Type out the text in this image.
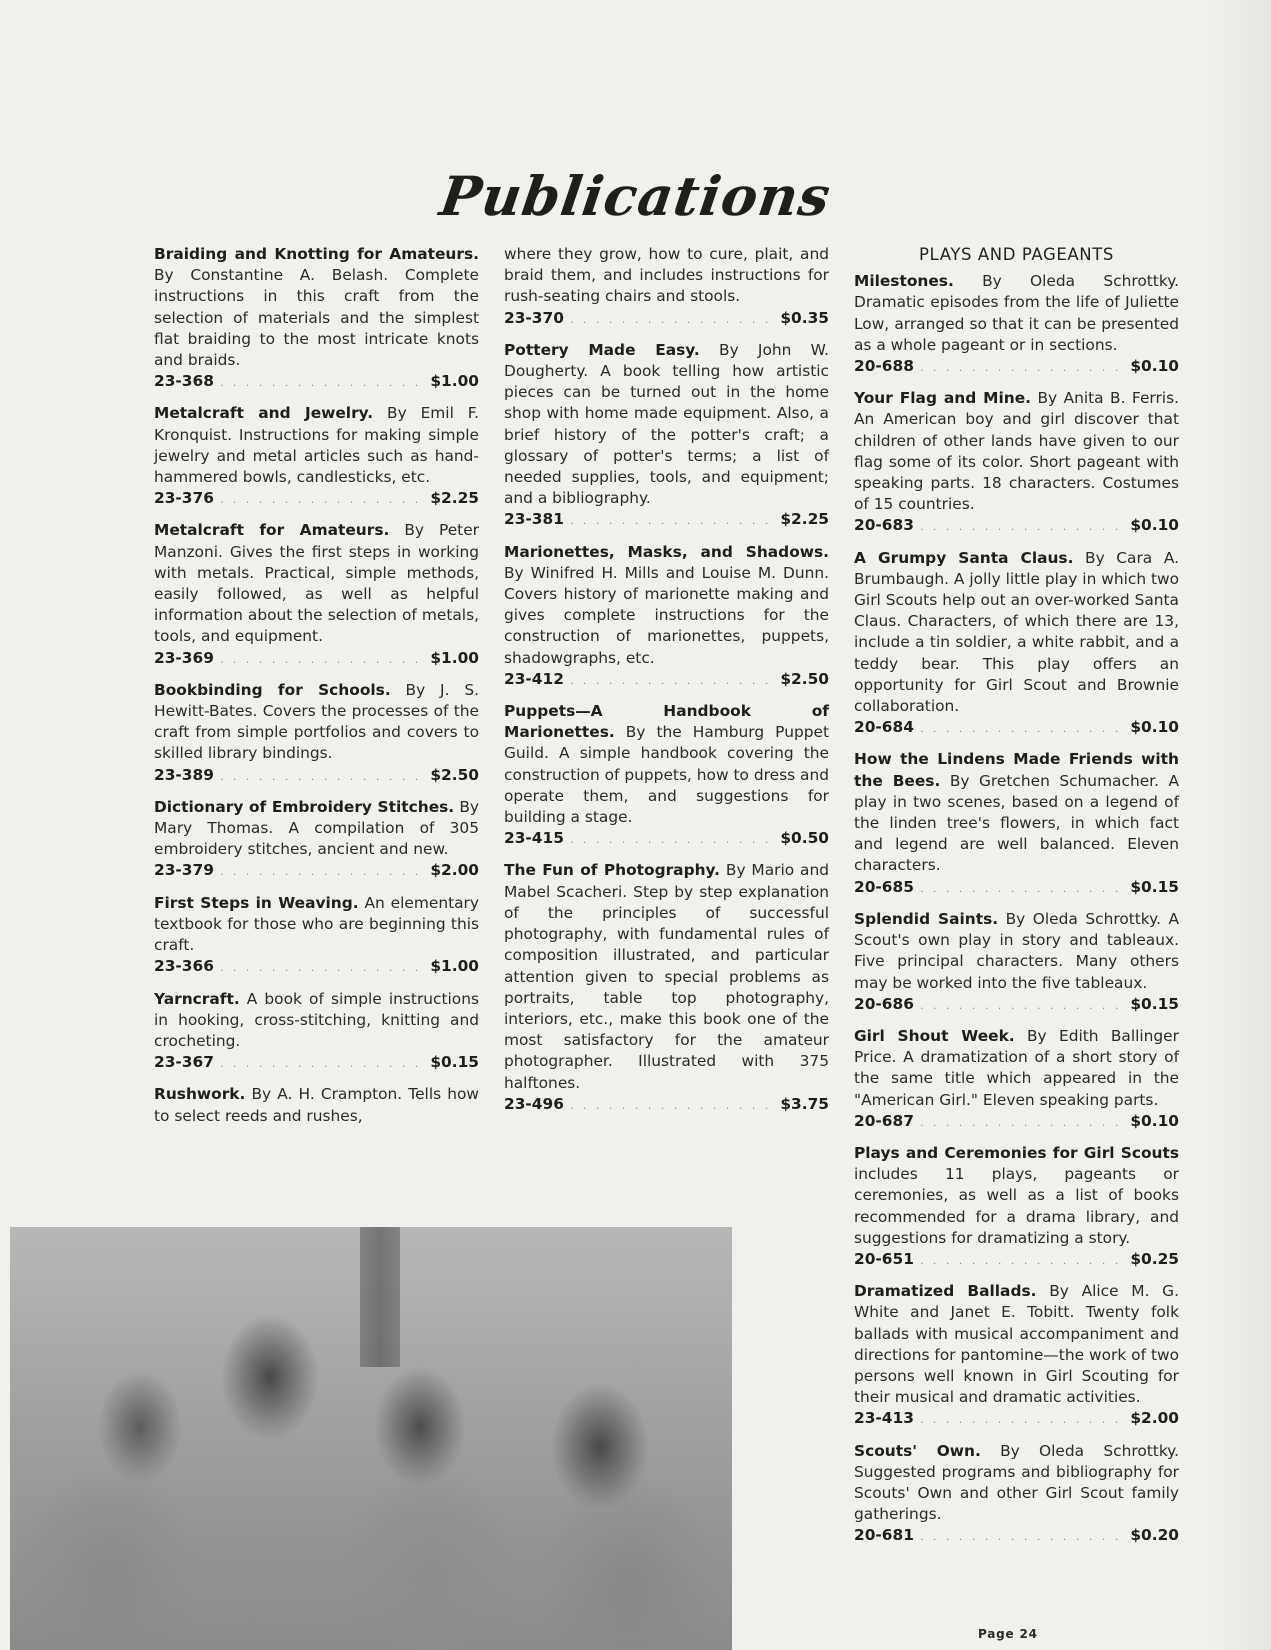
Publications
Braiding and Knotting for Amateurs. By Constantine A. Belash. Complete instructions in this craft from the selection of materials and the simplest flat braiding to the most intricate knots and braids.
23-368 . . .	$1.00
Metalcraft and Jewelry. By Emil F. Kronquist. Instructions for making simple jewelry and metal articles such as hand-hammered bowls, candlesticks, etc.
23-376 . . .	$2.25
Metalcraft for Amateurs. By Peter Manzoni. Gives the first steps in working with metals. Practical, simple methods, easily followed, as well as helpful information about the selection of metals, tools, and equipment.
23-369 . . .	$1.00
Bookbinding for Schools. By J. S. Hewitt-Bates. Covers the processes of the craft from simple portfolios and covers to skilled library bindings.
23-389 . . .	$2.50
Dictionary of Embroidery Stitches. By Mary Thomas. A compilation of 305 embroidery stitches, ancient and new.
23-379 . . .	$2.00
First Steps in Weaving. An elementary textbook for those who are beginning this craft.
23-366 . . .	$1.00
Yarncraft. A book of simple instructions in hooking, cross-stitching, knitting and crocheting.
23-367 . . .	$0.15
Rushwork. By A. H. Crampton. Tells how to select reeds and rushes,
where they grow, how to cure, plait, and braid them, and includes instructions for rush-seating chairs and stools.
23-370 . . .	$0.35
Pottery Made Easy. By John W. Dougherty. A book telling how artistic pieces can be turned out in the home shop with home made equipment. Also, a brief history of the potter's craft; a glossary of potter's terms; a list of needed supplies, tools, and equipment; and a bibliography.
23-381 . . .	$2.25
Marionettes, Masks, and Shadows. By Winifred H. Mills and Louise M. Dunn. Covers history of marionette making and gives complete instructions for the construction of marionettes, puppets, shadowgraphs, etc.
23-412 . . .	$2.50
Puppets—A Handbook of Marionettes. By the Hamburg Puppet Guild. A simple handbook covering the construction of puppets, how to dress and operate them, and suggestions for building a stage.
23-415 . . .	$0.50
The Fun of Photography. By Mario and Mabel Scacheri. Step by step explanation of the principles of successful photography, with fundamental rules of composition illustrated, and particular attention given to special problems as portraits, table top photography, interiors, etc., make this book one of the most satisfactory for the amateur photographer. Illustrated with 375 halftones.
23-496 . . .	$3.75
PLAYS AND PAGEANTS
Milestones. By Oleda Schrottky. Dramatic episodes from the life of Juliette Low, arranged so that it can be presented as a whole pageant or in sections.
20-688 . . .	$0.10
Your Flag and Mine. By Anita B. Ferris. An American boy and girl discover that children of other lands have given to our flag some of its color. Short pageant with speaking parts. 18 characters. Costumes of 15 countries.
20-683 . . .	$0.10
A Grumpy Santa Claus. By Cara A. Brumbaugh. A jolly little play in which two Girl Scouts help out an over-worked Santa Claus. Characters, of which there are 13, include a tin soldier, a white rabbit, and a teddy bear. This play offers an opportunity for Girl Scout and Brownie collaboration.
20-684 . . .	$0.10
How the Lindens Made Friends with the Bees. By Gretchen Schumacher. A play in two scenes, based on a legend of the linden tree's flowers, in which fact and legend are well balanced. Eleven characters.
20-685 . . .	$0.15
Splendid Saints. By Oleda Schrottky. A Scout's own play in story and tableaux. Five principal characters. Many others may be worked into the five tableaux.
20-686 . . .	$0.15
Girl Shout Week. By Edith Ballinger Price. A dramatization of a short story of the same title which appeared in the "American Girl." Eleven speaking parts.
20-687 . . .	$0.10
Plays and Ceremonies for Girl Scouts includes 11 plays, pageants or ceremonies, as well as a list of books recommended for a drama library, and suggestions for dramatizing a story.
20-651 . . .	$0.25
Dramatized Ballads. By Alice M. G. White and Janet E. Tobitt. Twenty folk ballads with musical accompaniment and directions for pantomine—the work of two persons well known in Girl Scouting for their musical and dramatic activities.
23-413 . . .	$2.00
Scouts' Own. By Oleda Schrottky. Suggested programs and bibliography for Scouts' Own and other Girl Scout family gatherings.
20-681 . . .	$0.20
Page 24
